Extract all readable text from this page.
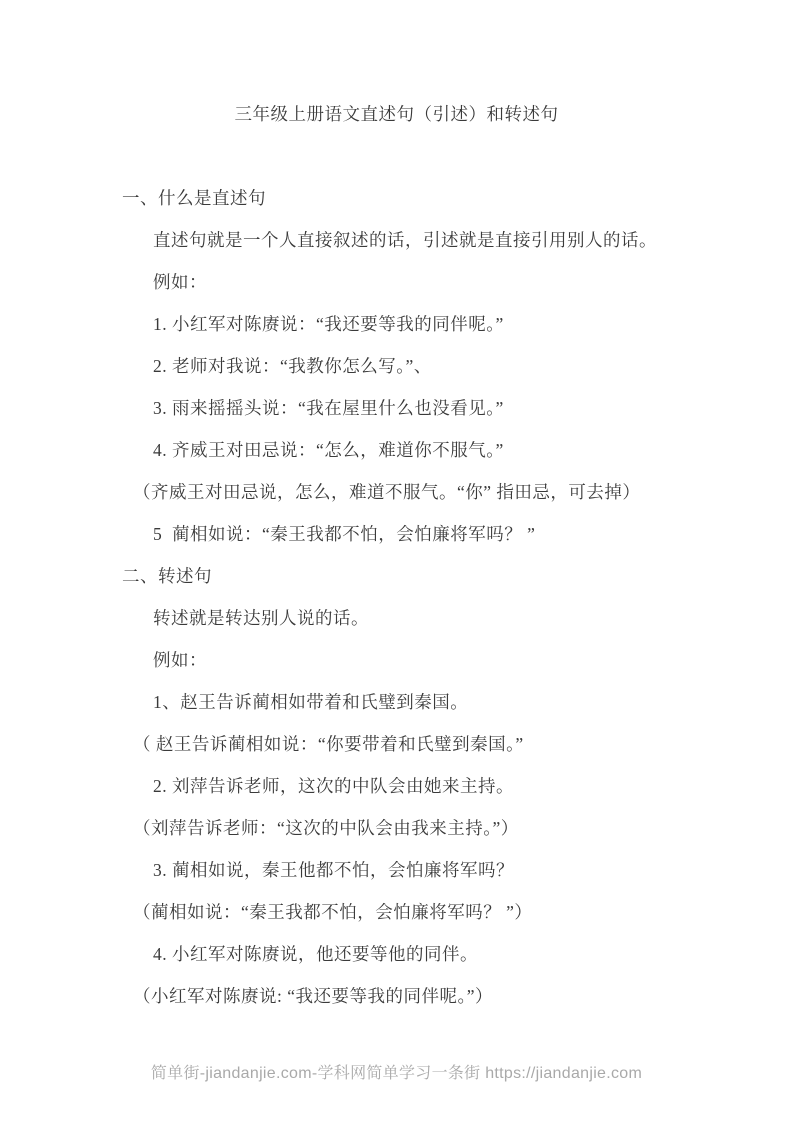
三年级上册语文直述句（引述）和转述句

一、什么是直述句

直述句就是一个人直接叙述的话，引述就是直接引用别人的话。

例如：

1. 小红军对陈赓说：“我还要等我的同伴呢。”

2. 老师对我说：“我教你怎么写。”、

3. 雨来摇摇头说：“我在屋里什么也没看见。”

4. 齐威王对田忌说：“怎么，难道你不服气。”

（齐威王对田忌说，怎么，难道不服气。“你” 指田忌，可去掉）

5  蔺相如说：“秦王我都不怕，会怕廉将军吗？ ”

二、转述句

转述就是转达别人说的话。

例如：

1、赵王告诉蔺相如带着和氏璧到秦国。

（ 赵王告诉蔺相如说：“你要带着和氏璧到秦国。”

2. 刘萍告诉老师，这次的中队会由她来主持。

（刘萍告诉老师：“这次的中队会由我来主持。”）

3. 蔺相如说，秦王他都不怕，会怕廉将军吗？

（蔺相如说：“秦王我都不怕，会怕廉将军吗？ ”）

4. 小红军对陈赓说，他还要等他的同伴。

（小红军对陈赓说: “我还要等我的同伴呢。”）

简单街-jiandanjie.com-学科网简单学习一条街 https://jiandanjie.com
